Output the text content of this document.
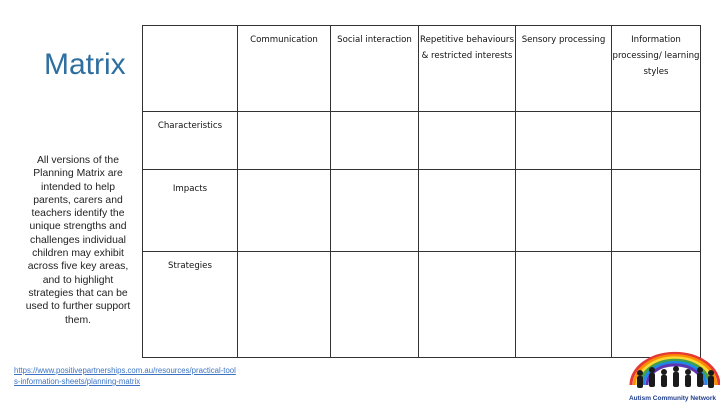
Matrix
All versions of the Planning Matrix are intended to help parents, carers and teachers identify the unique strengths and challenges individual children may exhibit across five key areas, and to highlight strategies that can be used to further support them.
https://www.positivepartnerships.com.au/resources/practical-tools-information-sheets/planning-matrix
	Communication	Social interaction	Repetitive behaviours & restricted interests	Sensory processing	Information processing/ learning styles
Characteristics					
Impacts					
Strategies					
Autism Community Network
